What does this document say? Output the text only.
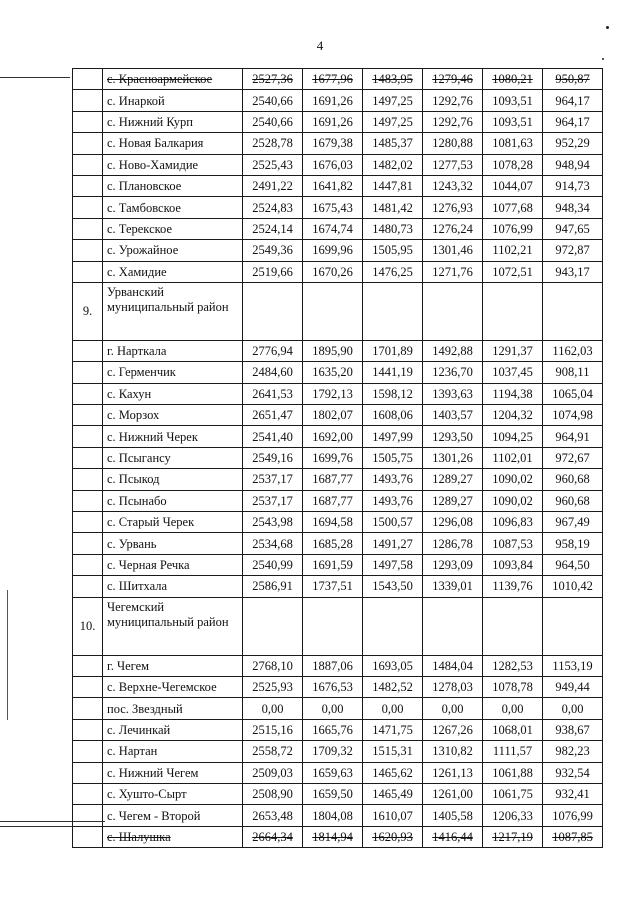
4
	с. Красноармейское	2527,36	1677,96	1483,95	1279,46	1080,21	950,87
	с. Инаркой	2540,66	1691,26	1497,25	1292,76	1093,51	964,17
	с. Нижний Курп	2540,66	1691,26	1497,25	1292,76	1093,51	964,17
	с. Новая Балкария	2528,78	1679,38	1485,37	1280,88	1081,63	952,29
	с. Ново-Хамидие	2525,43	1676,03	1482,02	1277,53	1078,28	948,94
	с. Плановское	2491,22	1641,82	1447,81	1243,32	1044,07	914,73
	с. Тамбовское	2524,83	1675,43	1481,42	1276,93	1077,68	948,34
	с. Терекское	2524,14	1674,74	1480,73	1276,24	1076,99	947,65
	с. Урожайное	2549,36	1699,96	1505,95	1301,46	1102,21	972,87
	с. Хамидие	2519,66	1670,26	1476,25	1271,76	1072,51	943,17
9.	Урванский муниципальный район						
	г. Нарткала	2776,94	1895,90	1701,89	1492,88	1291,37	1162,03
	с. Герменчик	2484,60	1635,20	1441,19	1236,70	1037,45	908,11
	с. Кахун	2641,53	1792,13	1598,12	1393,63	1194,38	1065,04
	с. Морзох	2651,47	1802,07	1608,06	1403,57	1204,32	1074,98
	с. Нижний Черек	2541,40	1692,00	1497,99	1293,50	1094,25	964,91
	с. Псыгансу	2549,16	1699,76	1505,75	1301,26	1102,01	972,67
	с. Псыкод	2537,17	1687,77	1493,76	1289,27	1090,02	960,68
	с. Псынабо	2537,17	1687,77	1493,76	1289,27	1090,02	960,68
	с. Старый Черек	2543,98	1694,58	1500,57	1296,08	1096,83	967,49
	с. Урвань	2534,68	1685,28	1491,27	1286,78	1087,53	958,19
	с. Черная Речка	2540,99	1691,59	1497,58	1293,09	1093,84	964,50
	с. Шитхала	2586,91	1737,51	1543,50	1339,01	1139,76	1010,42
10.	Чегемский муниципальный район						
	г. Чегем	2768,10	1887,06	1693,05	1484,04	1282,53	1153,19
	с. Верхне-Чегемское	2525,93	1676,53	1482,52	1278,03	1078,78	949,44
	пос. Звездный	0,00	0,00	0,00	0,00	0,00	0,00
	с. Лечинкай	2515,16	1665,76	1471,75	1267,26	1068,01	938,67
	с. Нартан	2558,72	1709,32	1515,31	1310,82	1111,57	982,23
	с. Нижний Чегем	2509,03	1659,63	1465,62	1261,13	1061,88	932,54
	с. Хушто-Сырт	2508,90	1659,50	1465,49	1261,00	1061,75	932,41
	с. Чегем - Второй	2653,48	1804,08	1610,07	1405,58	1206,33	1076,99
	с. Шалушка	2664,34	1814,94	1620,93	1416,44	1217,19	1087,85
